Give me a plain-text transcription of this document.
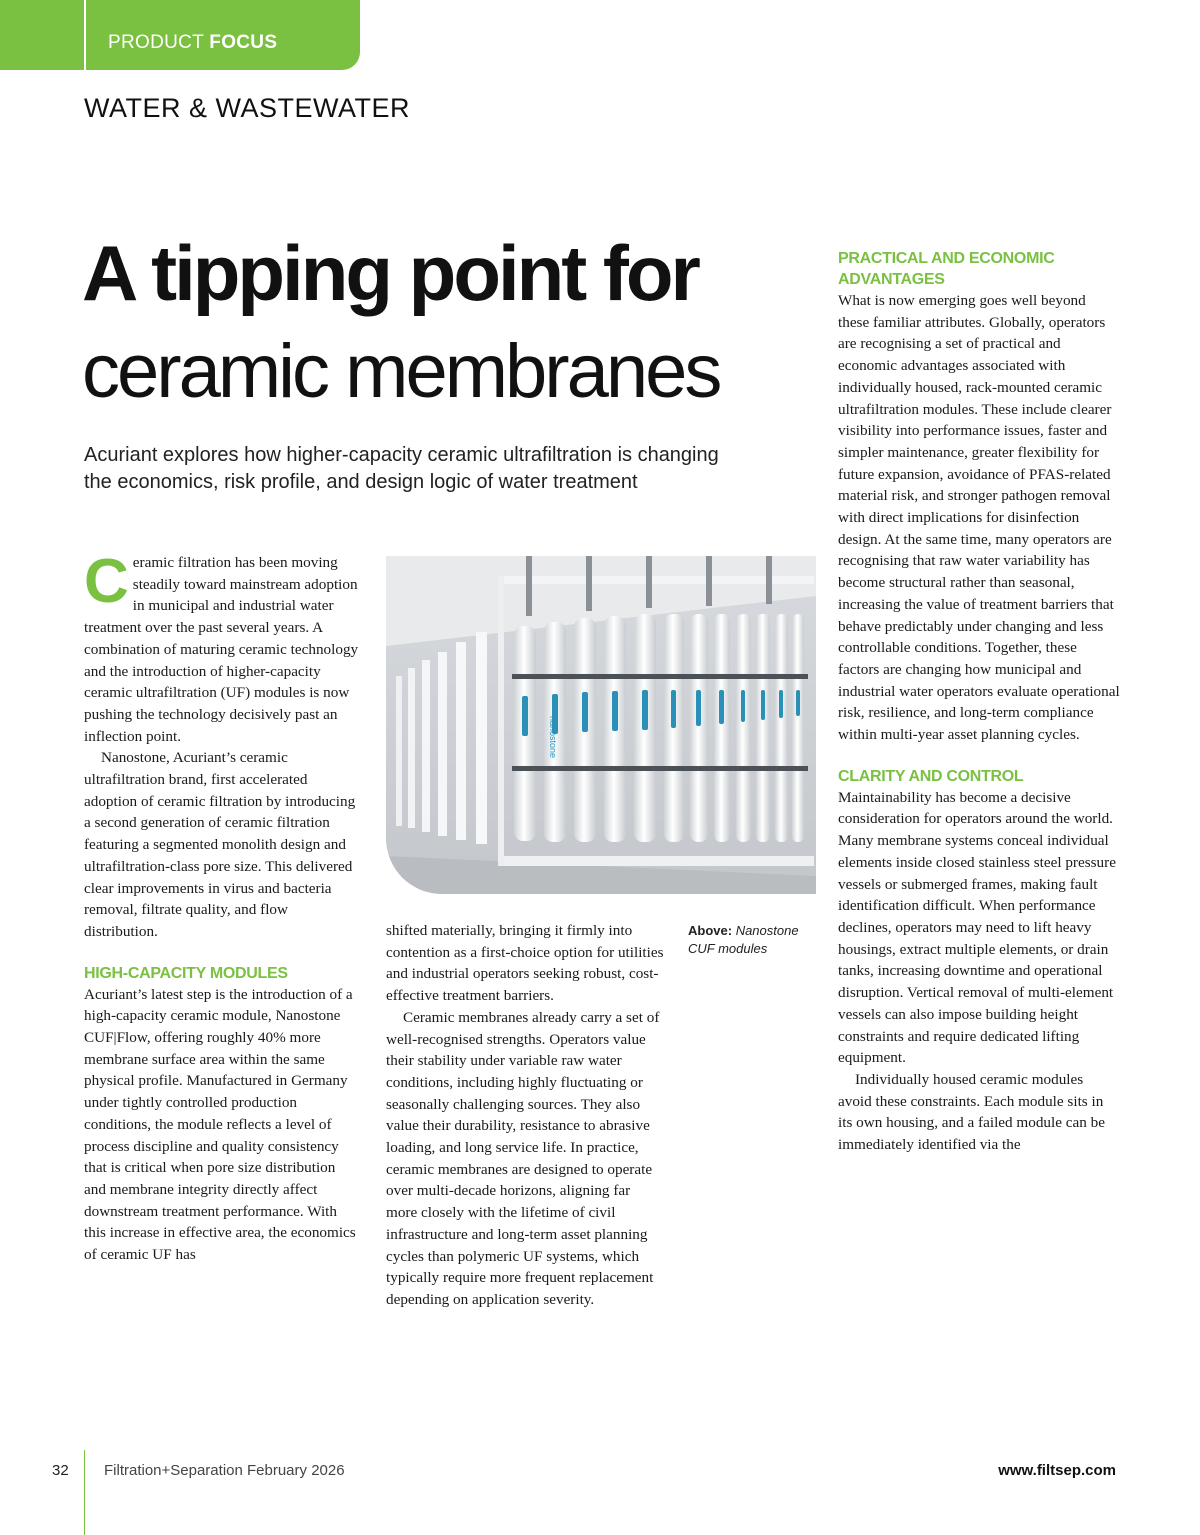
PRODUCT FOCUS
WATER & WASTEWATER
A tipping point for
ceramic membranes
Acuriant explores how higher-capacity ceramic ultrafiltration is changing the economics, risk profile, and design logic of water treatment

Ceramic filtration has been moving steadily toward mainstream adoption in municipal and industrial water treatment over the past several years. A combination of maturing ceramic technology and the introduction of higher-capacity ceramic ultrafiltration (UF) modules is now pushing the technology decisively past an inflection point.

Nanostone, Acuriant’s ceramic ultrafiltration brand, first accelerated adoption of ceramic filtration by introducing a second generation of ceramic filtration featuring a segmented monolith design and ultrafiltration-class pore size. This delivered clear improvements in virus and bacteria removal, filtrate quality, and flow distribution.

HIGH-CAPACITY MODULES

Acuriant’s latest step is the introduction of a high-capacity ceramic module, Nanostone CUF|Flow, offering roughly 40% more membrane surface area within the same physical profile. Manufactured in Germany under tightly controlled production conditions, the module reflects a level of process discipline and quality consistency that is critical when pore size distribution and membrane integrity directly affect downstream treatment performance. With this increase in effective area, the economics of ceramic UF has

nanostone
Above: Nanostone CUF modules

shifted materially, bringing it firmly into contention as a first-choice option for utilities and industrial operators seeking robust, cost-effective treatment barriers.

Ceramic membranes already carry a set of well-recognised strengths. Operators value their stability under variable raw water conditions, including highly fluctuating or seasonally challenging sources. They also value their durability, resistance to abrasive loading, and long service life. In practice, ceramic membranes are designed to operate over multi-decade horizons, aligning far more closely with the lifetime of civil infrastructure and long-term asset planning cycles than polymeric UF systems, which typically require more frequent replacement depending on application severity.

PRACTICAL AND ECONOMIC ADVANTAGES

What is now emerging goes well beyond these familiar attributes. Globally, operators are recognising a set of practical and economic advantages associated with individually housed, rack-mounted ceramic ultrafiltration modules. These include clearer visibility into performance issues, faster and simpler maintenance, greater flexibility for future expansion, avoidance of PFAS-related material risk, and stronger pathogen removal with direct implications for disinfection design. At the same time, many operators are recognising that raw water variability has become structural rather than seasonal, increasing the value of treatment barriers that behave predictably under changing and less controllable conditions. Together, these factors are changing how municipal and industrial water operators evaluate operational risk, resilience, and long-term compliance within multi-year asset planning cycles.

CLARITY AND CONTROL

Maintainability has become a decisive consideration for operators around the world. Many membrane systems conceal individual elements inside closed stainless steel pressure vessels or submerged frames, making fault identification difficult. When performance declines, operators may need to lift heavy housings, extract multiple elements, or drain tanks, increasing downtime and operational disruption. Vertical removal of multi-element vessels can also impose building height constraints and require dedicated lifting equipment.

Individually housed ceramic modules avoid these constraints. Each module sits in its own housing, and a failed module can be immediately identified via the

32 Filtration+Separation February 2026	www.filtsep.com
